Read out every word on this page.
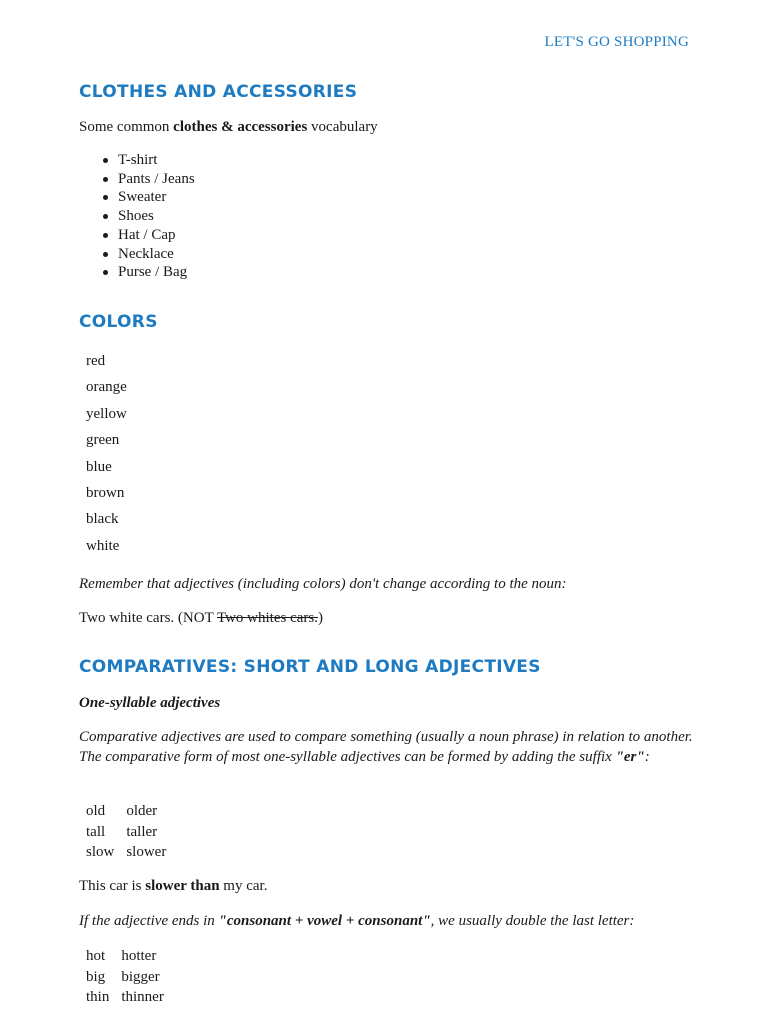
LET'S GO SHOPPING
CLOTHES AND ACCESSORIES

Some common clothes & accessories vocabulary

T-shirt
Pants / Jeans
Sweater
Shoes
Hat / Cap
Necklace
Purse / Bag
COLORS
red
orange
yellow
green
blue
brown
black
white

Remember that adjectives (including colors) don't change according to the noun:

Two white cars. (NOT Two whites cars.)

COMPARATIVES: SHORT AND LONG ADJECTIVES

One-syllable adjectives

Comparative adjectives are used to compare something (usually a noun phrase) in relation to another. The comparative form of most one-syllable adjectives can be formed by adding the suffix "er":

old	older
tall	taller
slow	slower

This car is slower than my car.

If the adjective ends in "consonant + vowel + consonant", we usually double the last letter:

hot	hotter
big	bigger
thin	thinner
